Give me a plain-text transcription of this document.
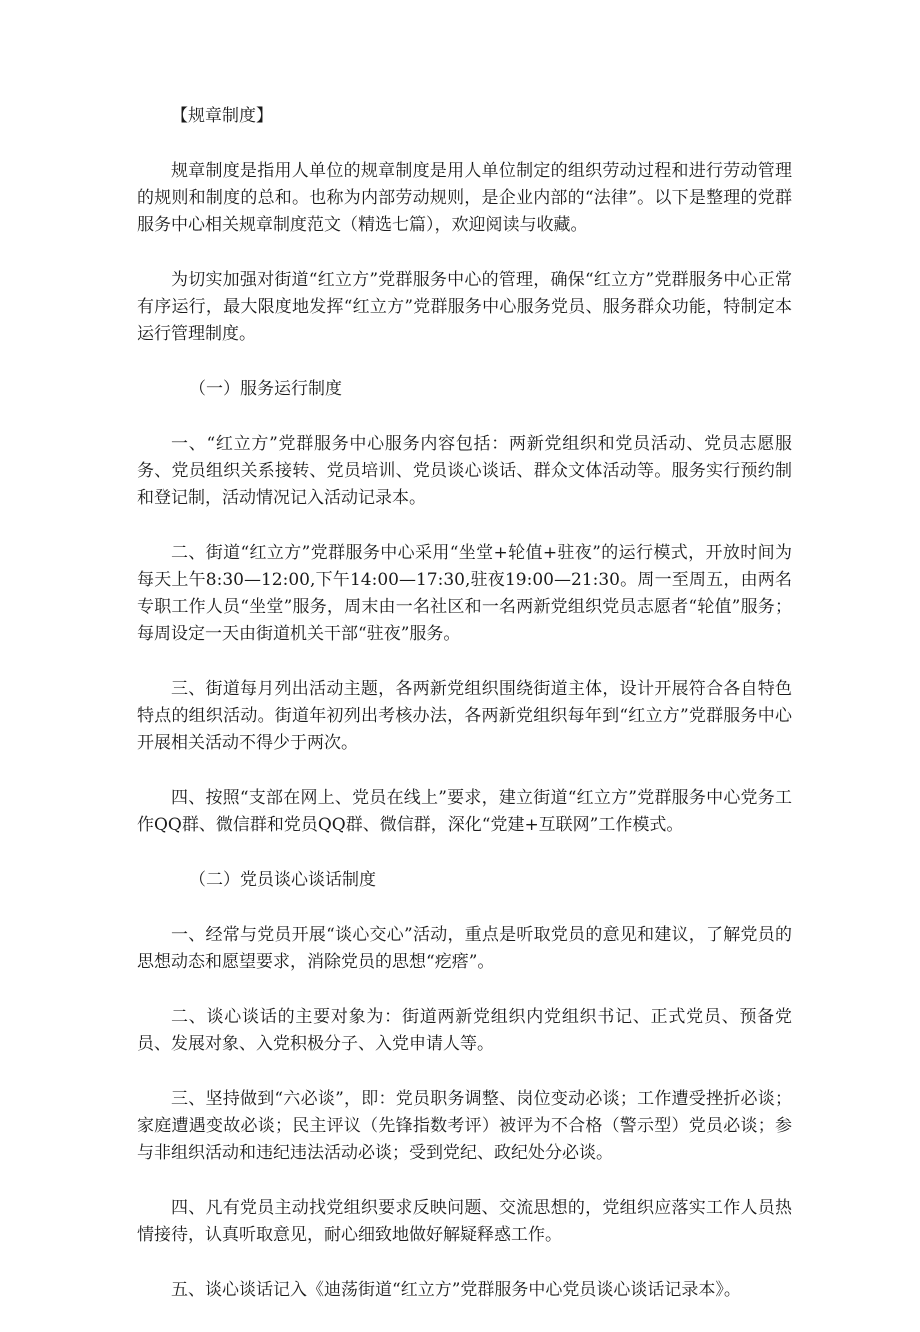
【规章制度】

规章制度是指用人单位的规章制度是用人单位制定的组织劳动过程和进行劳动管理的规则和制度的总和。也称为内部劳动规则，是企业内部的“法律”。以下是整理的党群服务中心相关规章制度范文（精选七篇），欢迎阅读与收藏。

为切实加强对街道“红立方”党群服务中心的管理，确保“红立方”党群服务中心正常有序运行，最大限度地发挥“红立方”党群服务中心服务党员、服务群众功能，特制定本运行管理制度。

（一）服务运行制度

一、“红立方”党群服务中心服务内容包括：两新党组织和党员活动、党员志愿服务、党员组织关系接转、党员培训、党员谈心谈话、群众文体活动等。服务实行预约制和登记制，活动情况记入活动记录本。

二、街道“红立方”党群服务中心采用“坐堂+轮值+驻夜”的运行模式，开放时间为每天上午8:30—12:00,下午14:00—17:30,驻夜19:00—21:30。周一至周五，由两名专职工作人员“坐堂”服务，周末由一名社区和一名两新党组织党员志愿者“轮值”服务；每周设定一天由街道机关干部“驻夜”服务。

三、街道每月列出活动主题，各两新党组织围绕街道主体，设计开展符合各自特色特点的组织活动。街道年初列出考核办法，各两新党组织每年到“红立方”党群服务中心开展相关活动不得少于两次。

四、按照“支部在网上、党员在线上”要求，建立街道“红立方”党群服务中心党务工作QQ群、微信群和党员QQ群、微信群，深化“党建+互联网”工作模式。

（二）党员谈心谈话制度

一、经常与党员开展“谈心交心”活动，重点是听取党员的意见和建议，了解党员的思想动态和愿望要求，消除党员的思想“疙瘩”。

二、谈心谈话的主要对象为：街道两新党组织内党组织书记、正式党员、预备党员、发展对象、入党积极分子、入党申请人等。

三、坚持做到“六必谈”，即：党员职务调整、岗位变动必谈；工作遭受挫折必谈；家庭遭遇变故必谈；民主评议（先锋指数考评）被评为不合格（警示型）党员必谈；参与非组织活动和违纪违法活动必谈；受到党纪、政纪处分必谈。

四、凡有党员主动找党组织要求反映问题、交流思想的，党组织应落实工作人员热情接待，认真听取意见，耐心细致地做好解疑释惑工作。

五、谈心谈话记入《迪荡街道“红立方”党群服务中心党员谈心谈话记录本》。
